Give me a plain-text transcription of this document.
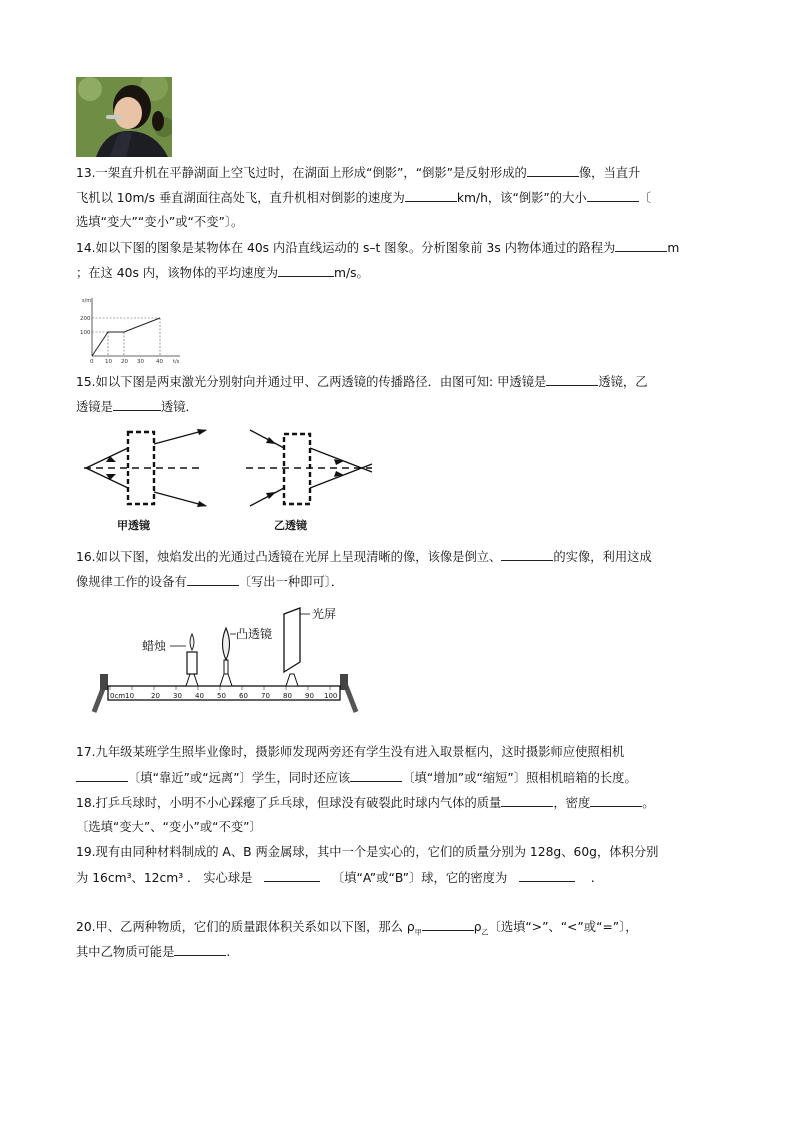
13.一架直升机在平静湖面上空飞过时，在湖面上形成“倒影”，“倒影”是反射形成的	像，当直升
飞机以 10m/s 垂直湖面往高处飞，直升机相对倒影的速度为	km/h，该“倒影”的大小	〔
选填“变大”“变小”或“不变”〕。
14.如以下图的图象是某物体在 40s 内沿直线运动的 s–t 图象。分析图象前 3s 内物体通过的路程为	m
；在这 40s 内，该物体的平均速度为	m/s。
s/m
t/s
200
100
0 10 20 30 40
15.如以下图是两束激光分别射向并通过甲、乙两透镜的传播路径．由图可知: 甲透镜是	透镜，乙
透镜是	透镜．
甲透镜	乙透镜
16.如以下图，烛焰发出的光通过凸透镜在光屏上呈现清晰的像，该像是倒立、	的实像，利用这成
像规律工作的设备有	〔写出一种即可〕．
0cm10 20 30 40 50 60 70 80 90 100
蜡烛
凸透镜
光屏
17.九年级某班学生照毕业像时，摄影师发现两旁还有学生没有进入取景框内，这时摄影师应使照相机
〔填“靠近”或“远离”〕学生，同时还应该	〔填“增加”或“缩短”〕照相机暗箱的长度。
18.打乒乓球时，小明不小心踩瘪了乒乓球，但球没有破裂此时球内气体的质量	，密度	。
〔选填“变大”、“变小”或“不变”〕
19.现有由同种材料制成的 A、B 两金属球，其中一个是实心的，它们的质量分别为 128g、60g，体积分别
为 16cm³、12cm³ ． 实心球是	〔填“A”或“B”〕球，它的密度为	.
20.甲、乙两种物质，它们的质量跟体积关系如以下图，那么 $\rho_甲$	$\rho_乙$〔选填“>”、“<”或“=”〕，
其中乙物质可能是	.
